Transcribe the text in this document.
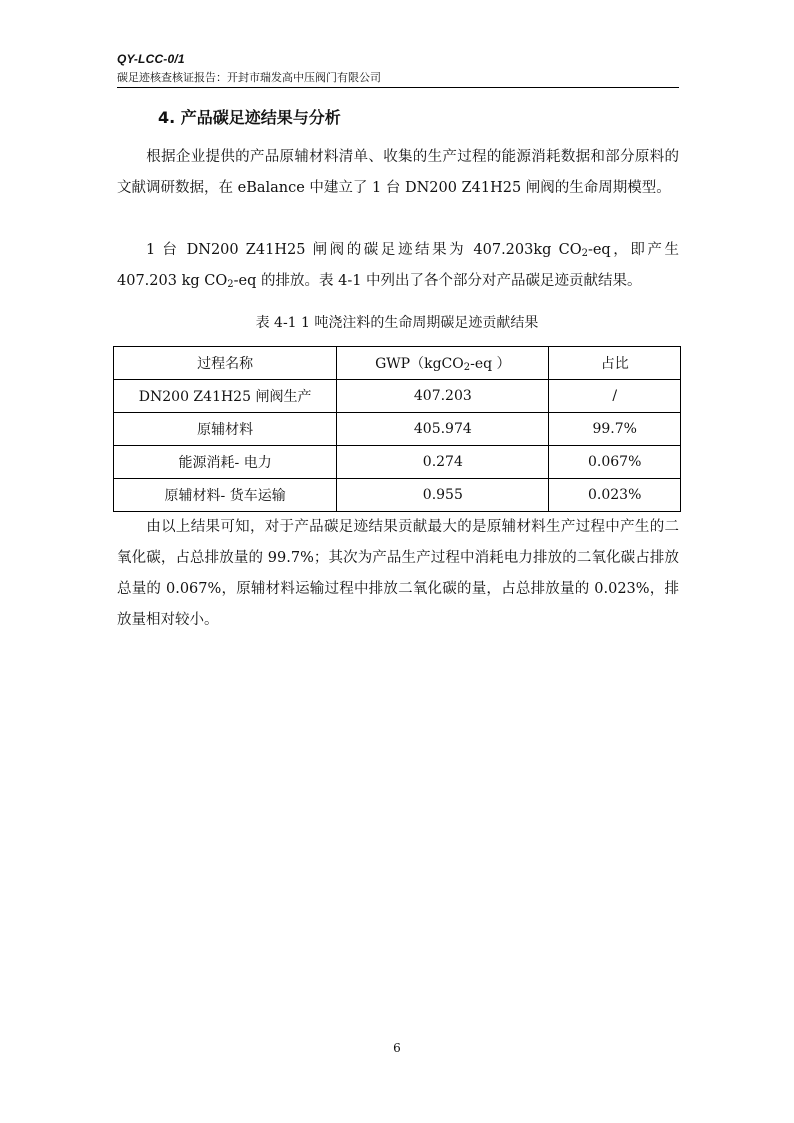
QY-LCC-0/1
碳足迹核查核证报告：开封市瑞发高中压阀门有限公司
4. 产品碳足迹结果与分析
根据企业提供的产品原辅材料清单、收集的生产过程的能源消耗数据和部分原料的文献调研数据，在 eBalance 中建立了 1 台 DN200 Z41H25 闸阀的生命周期模型。
1 台 DN200 Z41H25 闸阀的碳足迹结果为 407.203kg $CO_2-eq$，即产生 407.203 kg $CO_2-eq$ 的排放。表 4-1 中列出了各个部分对产品碳足迹贡献结果。
表 4-1 1 吨浇注料的生命周期碳足迹贡献结果
过程名称	GWP（kgCO$_2$-eq ）	占比
DN200 Z41H25 闸阀生产	407.203	/
原辅材料	405.974	99.7%
能源消耗- 电力	0.274	0.067%
原辅材料- 货车运输	0.955	0.023%
由以上结果可知，对于产品碳足迹结果贡献最大的是原辅材料生产过程中产生的二氧化碳，占总排放量的 99.7%；其次为产品生产过程中消耗电力排放的二氧化碳占排放总量的 0.067%，原辅材料运输过程中排放二氧化碳的量，占总排放量的 0.023%，排放量相对较小。
6
